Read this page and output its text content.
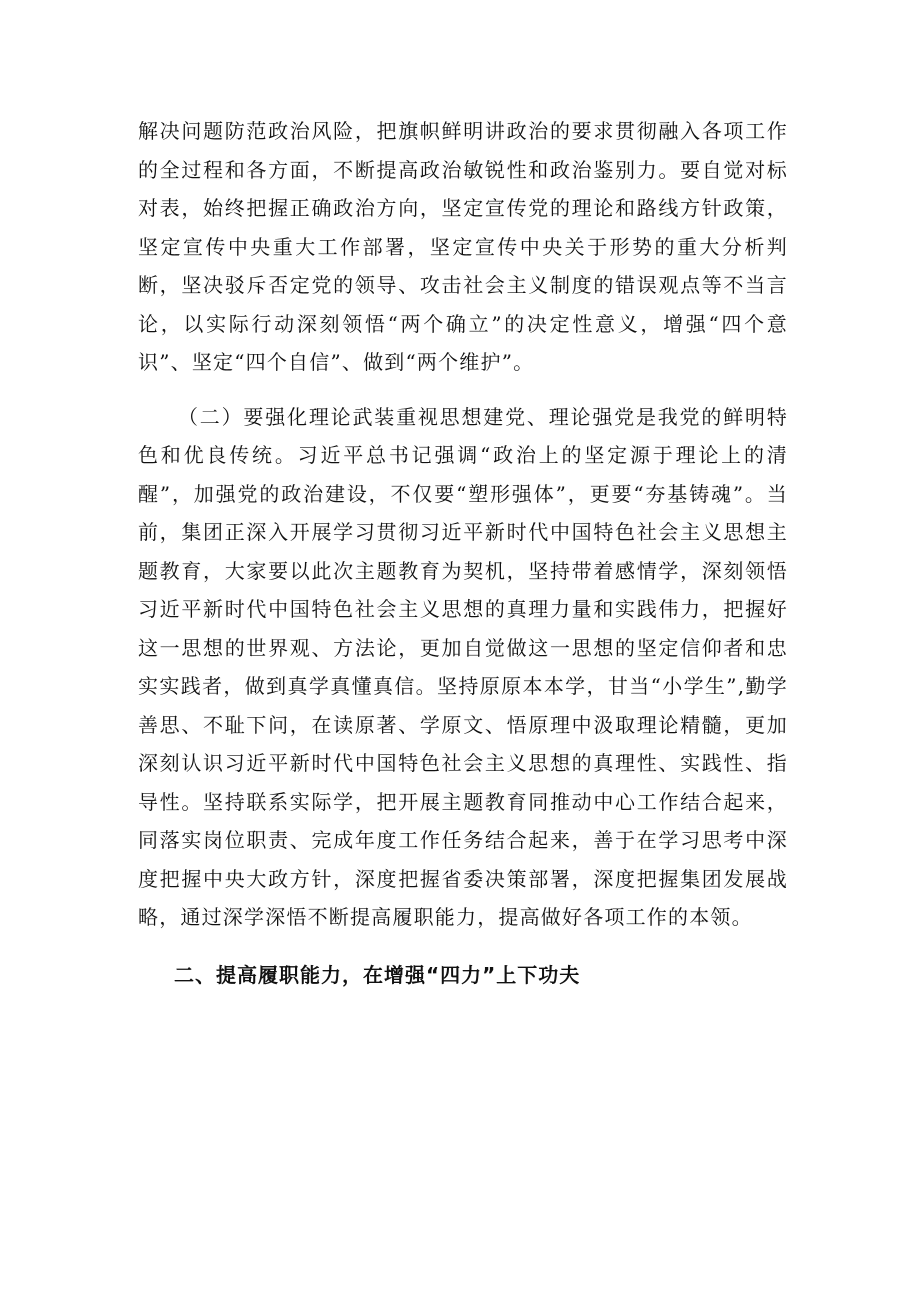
解决问题防范政治风险，把旗帜鲜明讲政治的要求贯彻融入各项工作的全过程和各方面，不断提高政治敏锐性和政治鉴别力。要自觉对标对表，始终把握正确政治方向，坚定宣传党的理论和路线方针政策，坚定宣传中央重大工作部署，坚定宣传中央关于形势的重大分析判断，坚决驳斥否定党的领导、攻击社会主义制度的错误观点等不当言论，以实际行动深刻领悟“两个确立”的决定性意义，增强“四个意识”、坚定“四个自信”、做到“两个维护”。

（二）要强化理论武装重视思想建党、理论强党是我党的鲜明特色和优良传统。习近平总书记强调“政治上的坚定源于理论上的清醒”，加强党的政治建设，不仅要“塑形强体”，更要“夯基铸魂”。当前，集团正深入开展学习贯彻习近平新时代中国特色社会主义思想主题教育，大家要以此次主题教育为契机，坚持带着感情学，深刻领悟习近平新时代中国特色社会主义思想的真理力量和实践伟力，把握好这一思想的世界观、方法论，更加自觉做这一思想的坚定信仰者和忠实实践者，做到真学真懂真信。坚持原原本本学，甘当“小学生”,勤学善思、不耻下问，在读原著、学原文、悟原理中汲取理论精髓，更加深刻认识习近平新时代中国特色社会主义思想的真理性、实践性、指导性。坚持联系实际学，把开展主题教育同推动中心工作结合起来，同落实岗位职责、完成年度工作任务结合起来，善于在学习思考中深度把握中央大政方针，深度把握省委决策部署，深度把握集团发展战略，通过深学深悟不断提高履职能力，提高做好各项工作的本领。

二、提高履职能力，在增强“四力”上下功夫
